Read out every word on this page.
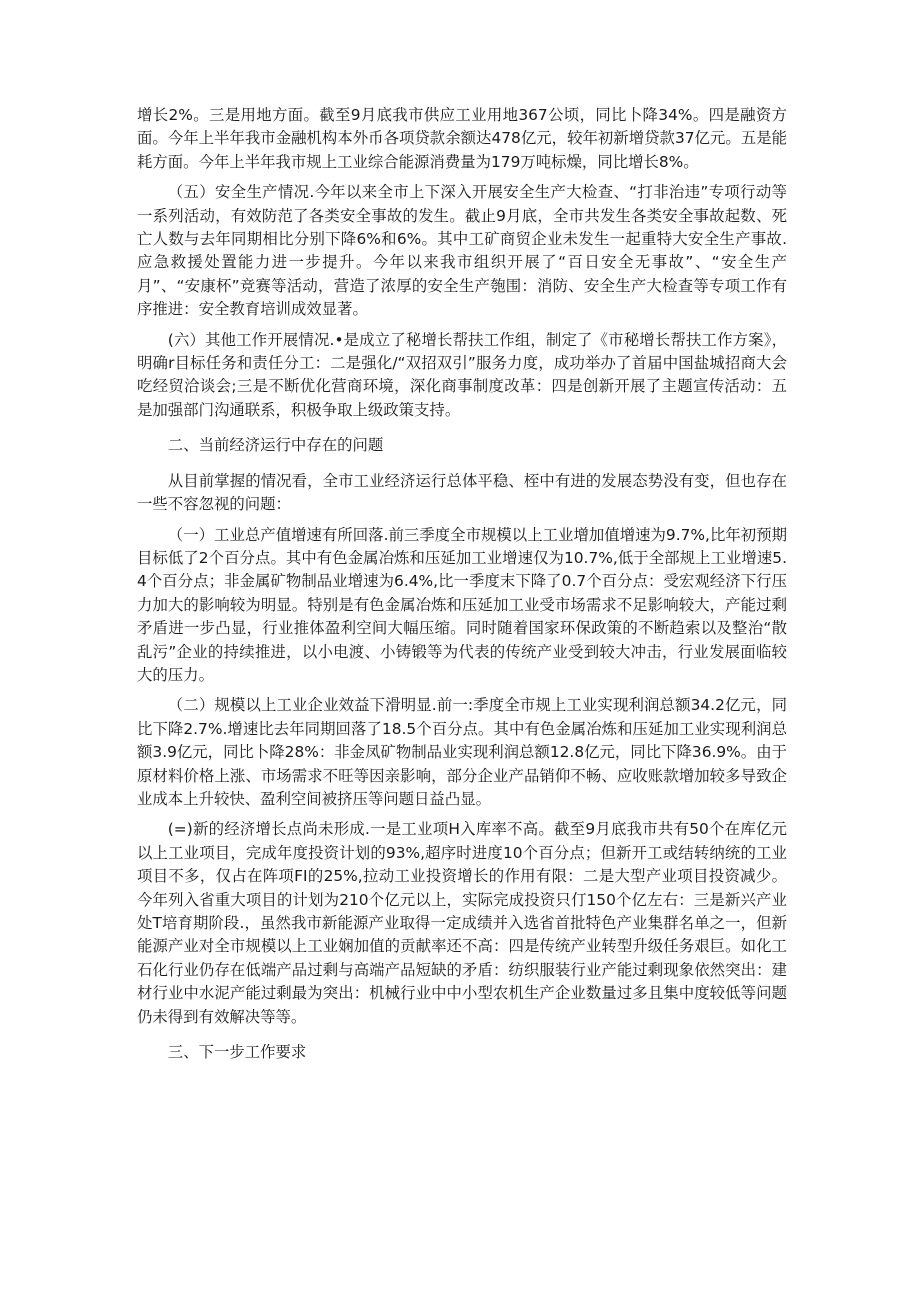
增长2%。三是用地方面。截至9月底我市供应工业用地367公顷，同比卜降34%。四是融资方面。今年上半年我市金融机构本外币各项贷款余额达478亿元，较年初新增贷款37亿元。五是能耗方面。今年上半年我市规上工业综合能源消费量为179万吨标燥，同比增长8%。

（五）安全生产情况.今年以来全市上下深入开展安全生产大检查、“打非治违”专项行动等一系列活动，有效防范了各类安全事故的发生。截止9月底，全市共发生各类安全事故起数、死亡人数与去年同期相比分别下降6%和6%。其中工矿商贸企业未发生一起重特大安全生产事故.应急救援处置能力进一步提升。今年以来我市组织开展了“百日安全无事故”、“安全生产月”、“安康杯”竞赛等活动，营造了浓厚的安全生产匏围：消防、安全生产大检查等专项工作有序推进：安全教育培训成效显著。

(六）其他工作开展情况.•是成立了秘增长帮扶工作组，制定了《市秘增长帮扶工作方案》，明确r目标任务和责任分工：二是强化/“双招双引”服务力度，成功举办了首届中国盐城招商大会吃经贸洽谈会;三是不断优化营商环境，深化商事制度改革：四是创新开展了主题宣传活动：五是加强部门沟通联系，积极争取上级政策支持。

二、当前经济运行中存在的问题

从目前掌握的情况看，全市工业经济运行总体平稳、桎中有进的发展态势没有变，但也存在一些不容忽视的问题：

（一）工业总产值增速有所回落.前三季度全市规模以上工业增加值增速为9.7%,比年初预期目标低了2个百分点。其中有色金属冶炼和压延加工业增速仅为10.7%,低于全部规上工业增速5.4个百分点；非金属矿物制品业增速为6.4%,比一季度末下降了0.7个百分点：受宏观经济下行压力加大的影响较为明显。特别是有色金属冶炼和压延加工业受市场需求不足影响较大，产能过剩矛盾进一步凸显，行业推体盈利空间大幅压缩。同时随着国家环保政策的不断趋索以及整治“散乱污”企业的持续推进，以小电渡、小铸锻等为代表的传统产业受到较大冲击，行业发展面临较大的压力。

（二）规模以上工业企业效益下滑明显.前一:季度全市规上工业实现利润总额34.2亿元，同比下降2.7%.增速比去年同期回落了18.5个百分点。其中有色金属冶炼和压延加工业实现利润总额3.9亿元，同比卜降28%：非金凤矿物制品业实现利润总额12.8亿元，同比下降36.9%。由于原材料价格上涨、市场需求不旺等因亲影响，部分企业产品销仰不畅、应收账款增加较多导致企业成本上升较快、盈利空间被挤压等问题日益凸显。

(=)新的经济增长点尚未形成.一是工业项H入库率不高。截至9月底我市共有50个在库亿元以上工业项目，完成年度投资计划的93%,超序时进度10个百分点；但新开工或结转纳统的工业项目不多，仅占在阵项FI的25%,拉动工业投资增长的作用有限：二是大型产业项目投资减少。今年列入省重大项目的计划为210个亿元以上，实际完成投资只仃150个亿左右：三是新兴产业处T培育期阶段.，虽然我市新能源产业取得一定成绩并入选省首批特色产业集群名单之一，但新能源产业对全市规模以上工业娴加值的贡献率还不高：四是传统产业转型升级任务艰巨。如化工石化行业仍存在低端产品过剩与高端产品短缺的矛盾：纺织服装行业产能过剩现象依然突出：建材行业中水泥产能过剩最为突出：机械行业中中小型农机生产企业数量过多且集中度较低等问题仍未得到有效解决等等。

三、下一步工作要求
